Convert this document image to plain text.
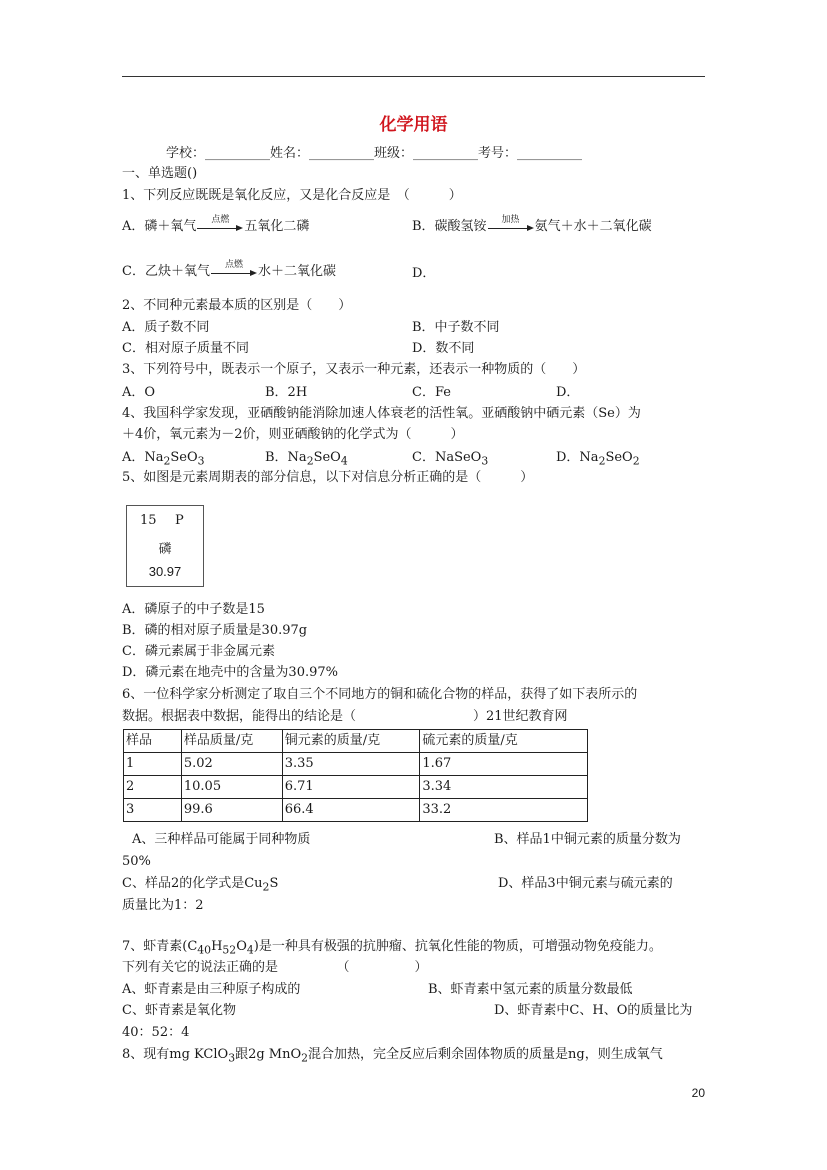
化学用语
学校：__________姓名：__________班级：__________考号：__________
一、单选题()
1、下列反应既既是氧化反应，又是化合反应是　（　　　）
A．磷＋氧气	点燃	五氧化二磷	B．碳酸氢铵	加热	氨气＋水＋二氧化碳
C．乙炔＋氧气	点燃	水＋二氧化碳	D．
2、不同种元素最本质的区别是（　　）
A．质子数不同	B．中子数不同
C．相对原子质量不同	D．数不同
3、下列符号中，既表示一个原子，又表示一种元素，还表示一种物质的（　　）
A．O	B．2H	C．Fe	D．
4、我国科学家发现，亚硒酸钠能消除加速人体衰老的活性氧。亚硒酸钠中硒元素（Se）为
＋4价，氧元素为－2价，则亚硒酸钠的化学式为（　　　）
A．$Na_2SeO_3$	B．$Na_2SeO_4$	C．NaSeO$_3$	D．$Na_2SeO_2$
5、如图是元素周期表的部分信息，以下对信息分析正确的是（　　　）
15 P
磷
30.97
A．磷原子的中子数是15
B．磷的相对原子质量是30.97g
C．磷元素属于非金属元素
D．磷元素在地壳中的含量为30.97%
6、一位科学家分析测定了取自三个不同地方的铜和硫化合物的样品，获得了如下表所示的
数据。根据表中数据，能得出的结论是（　　　　　　　　　）21世纪教育网
样品	样品质量/克	铜元素的质量/克	硫元素的质量/克
1	5.02	3.35	1.67
2	10.05	6.71	3.34
3	99.6	66.4	33.2
A、三种样品可能属于同种物质	B、样品1中铜元素的质量分数为
50%
C、样品2的化学式是$Cu_2S$	D、样品3中铜元素与硫元素的
质量比为1：2
7、虾青素$(C_{40}H_{52}O_4)$是一种具有极强的抗肿瘤、抗氧化性能的物质，可增强动物免疫能力。
下列有关它的说法正确的是　　　　　（　　　　　）
A、虾青素是由三种原子构成的	B、虾青素中氢元素的质量分数最低
C、虾青素是氧化物	D、虾青素中C、H、O的质量比为
40：52：4
8、现有mg KClO$_3$跟2g MnO$_2$混合加热，完全反应后剩余固体物质的质量是ng，则生成氧气
20
